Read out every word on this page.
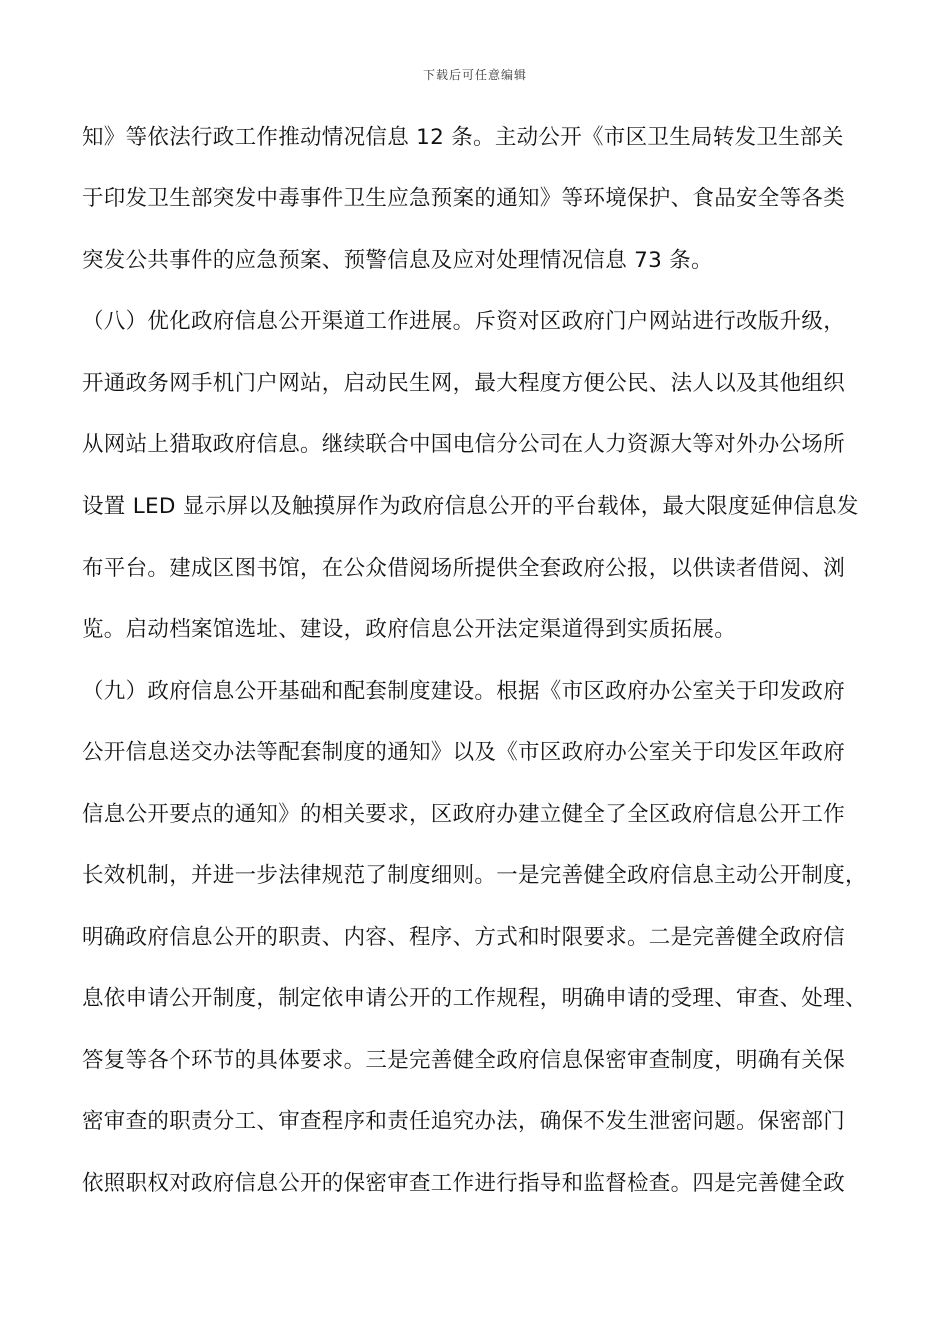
下载后可任意编辑
知》等依法行政工作推动情况信息 12 条。主动公开《市区卫生局转发卫生部关
于印发卫生部突发中毒事件卫生应急预案的通知》等环境保护、食品安全等各类
突发公共事件的应急预案、预警信息及应对处理情况信息 73 条。
（八）优化政府信息公开渠道工作进展。斥资对区政府门户网站进行改版升级，
开通政务网手机门户网站，启动民生网，最大程度方便公民、法人以及其他组织
从网站上猎取政府信息。继续联合中国电信分公司在人力资源大等对外办公场所
设置 LED 显示屏以及触摸屏作为政府信息公开的平台载体，最大限度延伸信息发
布平台。建成区图书馆，在公众借阅场所提供全套政府公报，以供读者借阅、浏
览。启动档案馆选址、建设，政府信息公开法定渠道得到实质拓展。
（九）政府信息公开基础和配套制度建设。根据《市区政府办公室关于印发政府
公开信息送交办法等配套制度的通知》以及《市区政府办公室关于印发区年政府
信息公开要点的通知》的相关要求，区政府办建立健全了全区政府信息公开工作
长效机制，并进一步法律规范了制度细则。一是完善健全政府信息主动公开制度，
明确政府信息公开的职责、内容、程序、方式和时限要求。二是完善健全政府信
息依申请公开制度，制定依申请公开的工作规程，明确申请的受理、审查、处理、
答复等各个环节的具体要求。三是完善健全政府信息保密审查制度，明确有关保
密审查的职责分工、审查程序和责任追究办法，确保不发生泄密问题。保密部门
依照职权对政府信息公开的保密审查工作进行指导和监督检查。四是完善健全政
